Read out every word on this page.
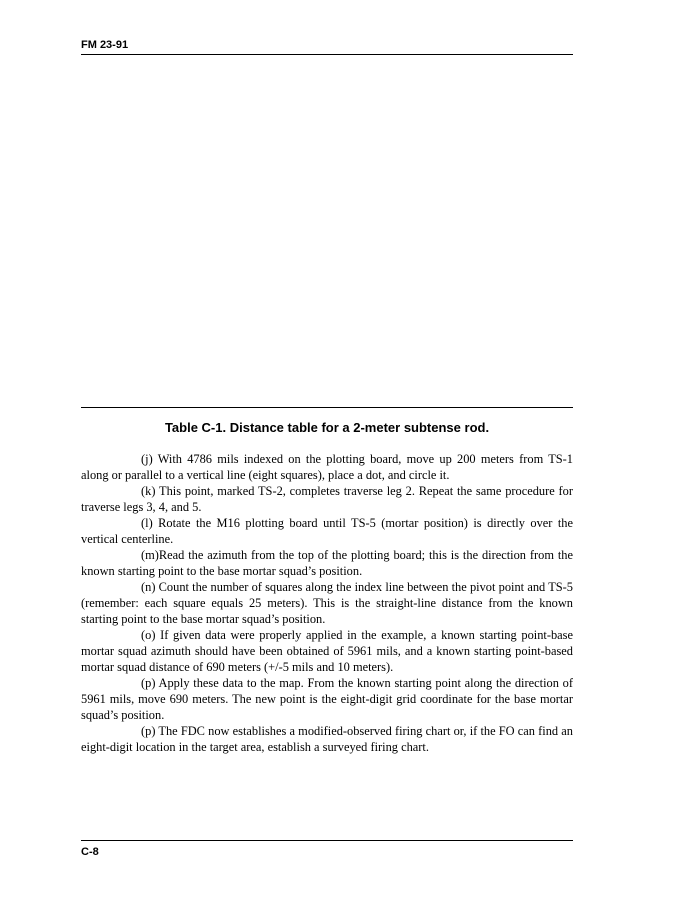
FM 23-91
Table C-1. Distance table for a 2-meter subtense rod.

(j) With 4786 mils indexed on the plotting board, move up 200 meters from TS-1 along or parallel to a vertical line (eight squares), place a dot, and circle it.

(k) This point, marked TS-2, completes traverse leg 2. Repeat the same procedure for traverse legs 3, 4, and 5.

(l) Rotate the M16 plotting board until TS-5 (mortar position) is directly over the vertical centerline.

(m)Read the azimuth from the top of the plotting board; this is the direction from the known starting point to the base mortar squad’s position.

(n) Count the number of squares along the index line between the pivot point and TS-5 (remember: each square equals 25 meters). This is the straight-line distance from the known starting point to the base mortar squad’s position.

(o) If given data were properly applied in the example, a known starting point-base mortar squad azimuth should have been obtained of 5961 mils, and a known starting point-based mortar squad distance of 690 meters (+/-5 mils and 10 meters).

(p) Apply these data to the map. From the known starting point along the direction of 5961 mils, move 690 meters. The new point is the eight-digit grid coordinate for the base mortar squad’s position.

(p) The FDC now establishes a modified-observed firing chart or, if the FO can find an eight-digit location in the target area, establish a surveyed firing chart.

C-8
